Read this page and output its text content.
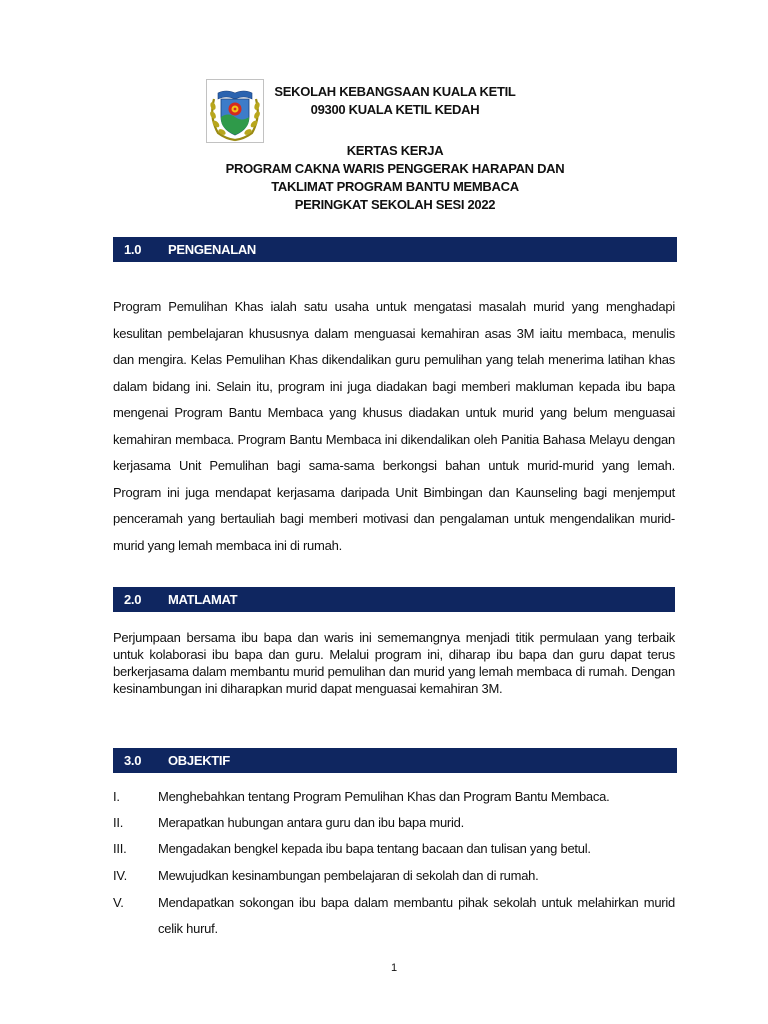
SEKOLAH KEBANGSAAN KUALA KETIL
09300 KUALA KETIL KEDAH
KERTAS KERJA
PROGRAM CAKNA WARIS PENGGERAK HARAPAN DAN
TAKLIMAT PROGRAM BANTU MEMBACA
PERINGKAT SEKOLAH SESI 2022
1.0 PENGENALAN

Program Pemulihan Khas ialah satu usaha untuk mengatasi masalah murid yang menghadapi kesulitan pembelajaran khususnya dalam menguasai kemahiran asas 3M iaitu membaca, menulis dan mengira. Kelas Pemulihan Khas dikendalikan guru pemulihan yang telah menerima latihan khas dalam bidang ini. Selain itu, program ini juga diadakan bagi memberi makluman kepada ibu bapa mengenai Program Bantu Membaca yang khusus diadakan untuk murid yang belum menguasai kemahiran membaca. Program Bantu Membaca ini dikendalikan oleh Panitia Bahasa Melayu dengan kerjasama Unit Pemulihan bagi sama-sama berkongsi bahan untuk murid-murid yang lemah. Program ini juga mendapat kerjasama daripada Unit Bimbingan dan Kaunseling bagi menjemput penceramah yang bertauliah bagi memberi motivasi dan pengalaman untuk mengendalikan murid-murid yang lemah membaca ini di rumah.

2.0 MATLAMAT

Perjumpaan bersama ibu bapa dan waris ini sememangnya menjadi titik permulaan yang terbaik untuk kolaborasi ibu bapa dan guru. Melalui program ini, diharap ibu bapa dan guru dapat terus berkerjasama dalam membantu murid pemulihan dan murid yang lemah membaca di rumah. Dengan kesinambungan ini diharapkan murid dapat menguasai kemahiran 3M.

3.0 OBJEKTIF
I.	Menghebahkan tentang Program Pemulihan Khas dan Program Bantu Membaca.
II.	Merapatkan hubungan antara guru dan ibu bapa murid.
III. Mengadakan bengkel kepada ibu bapa tentang bacaan dan tulisan yang betul.
IV. Mewujudkan kesinambungan pembelajaran di sekolah dan di rumah.
V.	Mendapatkan sokongan ibu bapa dalam membantu pihak sekolah untuk melahirkan murid celik huruf.
1
